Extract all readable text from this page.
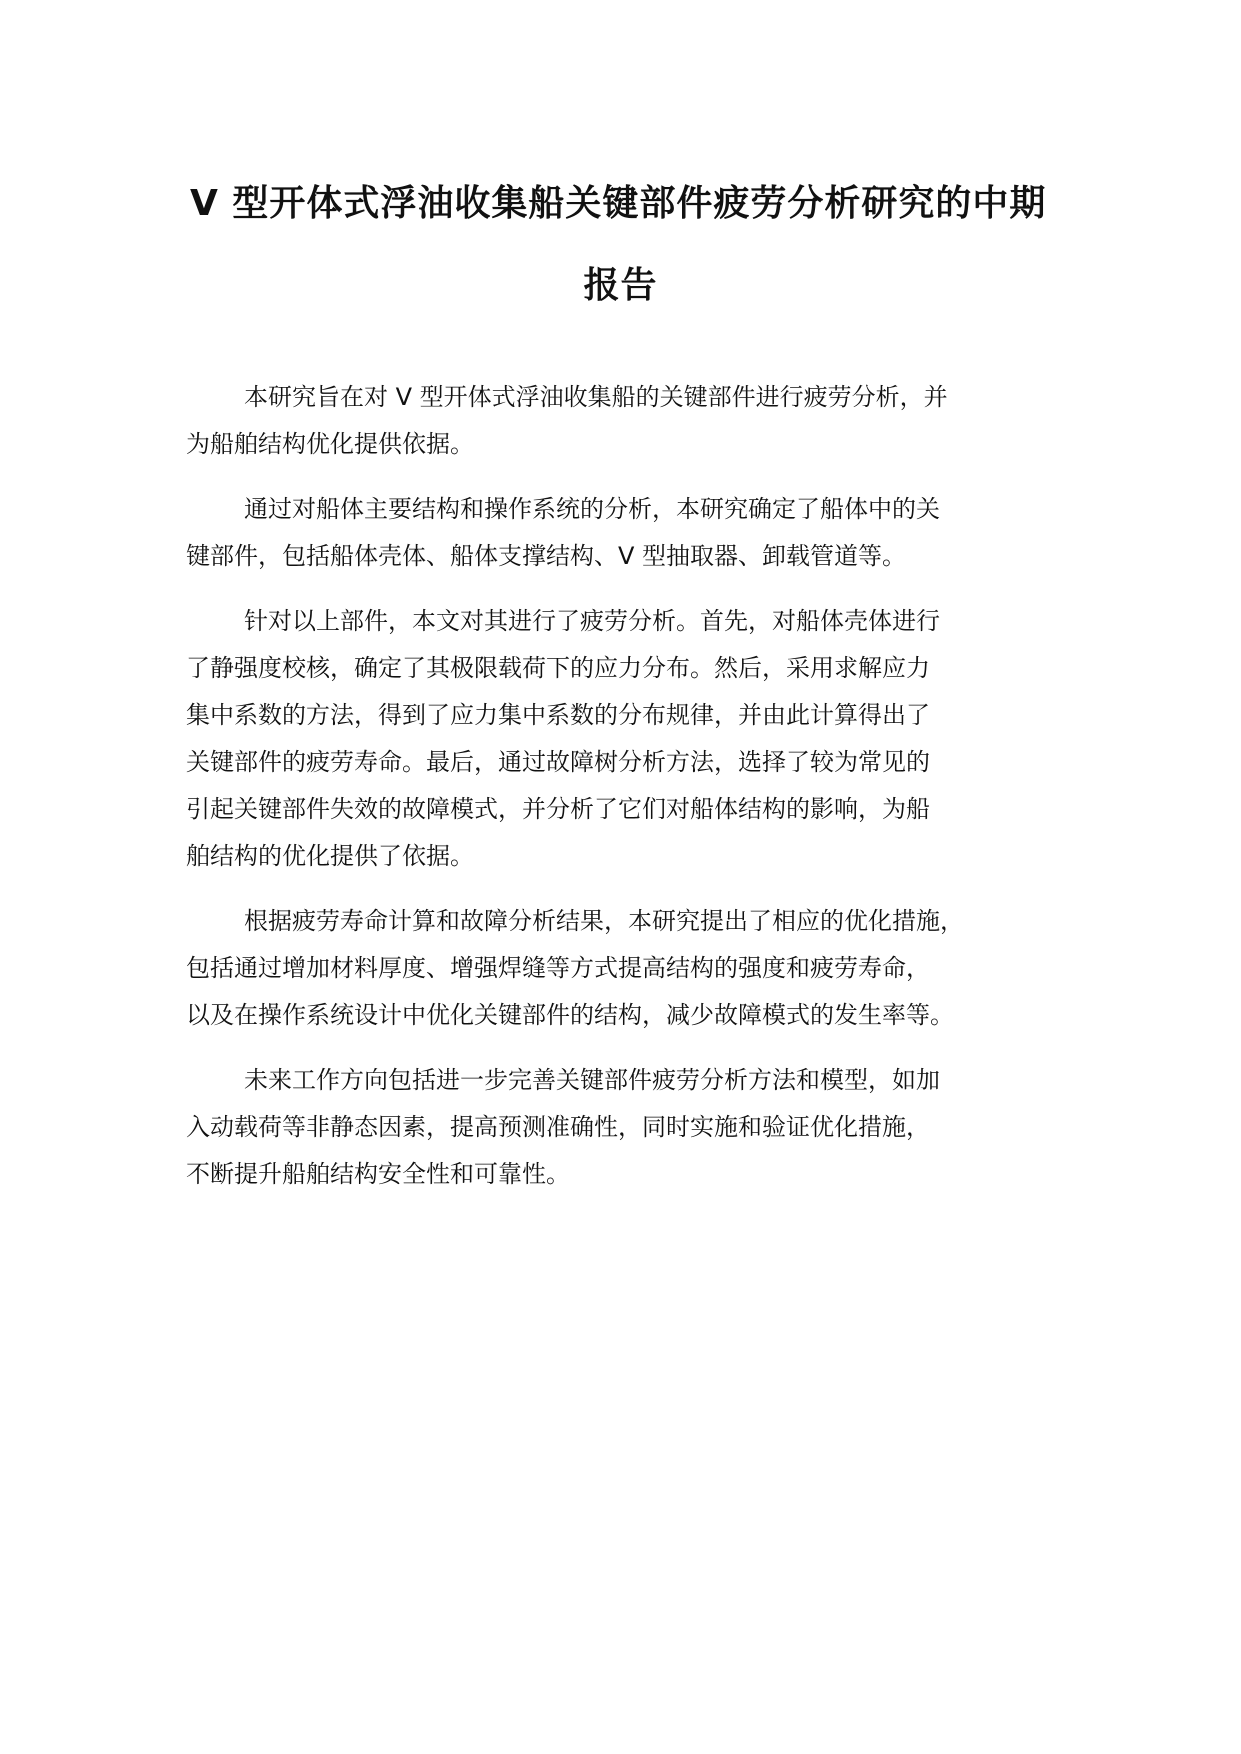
V 型开体式浮油收集船关键部件疲劳分析研究的中期
报告

本研究旨在对 V 型开体式浮油收集船的关键部件进行疲劳分析，并
为船舶结构优化提供依据。

通过对船体主要结构和操作系统的分析，本研究确定了船体中的关
键部件，包括船体壳体、船体支撑结构、V 型抽取器、卸载管道等。

针对以上部件，本文对其进行了疲劳分析。首先，对船体壳体进行
了静强度校核，确定了其极限载荷下的应力分布。然后，采用求解应力
集中系数的方法，得到了应力集中系数的分布规律，并由此计算得出了
关键部件的疲劳寿命。最后，通过故障树分析方法，选择了较为常见的
引起关键部件失效的故障模式，并分析了它们对船体结构的影响，为船
舶结构的优化提供了依据。

根据疲劳寿命计算和故障分析结果，本研究提出了相应的优化措施，
包括通过增加材料厚度、增强焊缝等方式提高结构的强度和疲劳寿命，
以及在操作系统设计中优化关键部件的结构，减少故障模式的发生率等。

未来工作方向包括进一步完善关键部件疲劳分析方法和模型，如加
入动载荷等非静态因素，提高预测准确性，同时实施和验证优化措施，
不断提升船舶结构安全性和可靠性。
